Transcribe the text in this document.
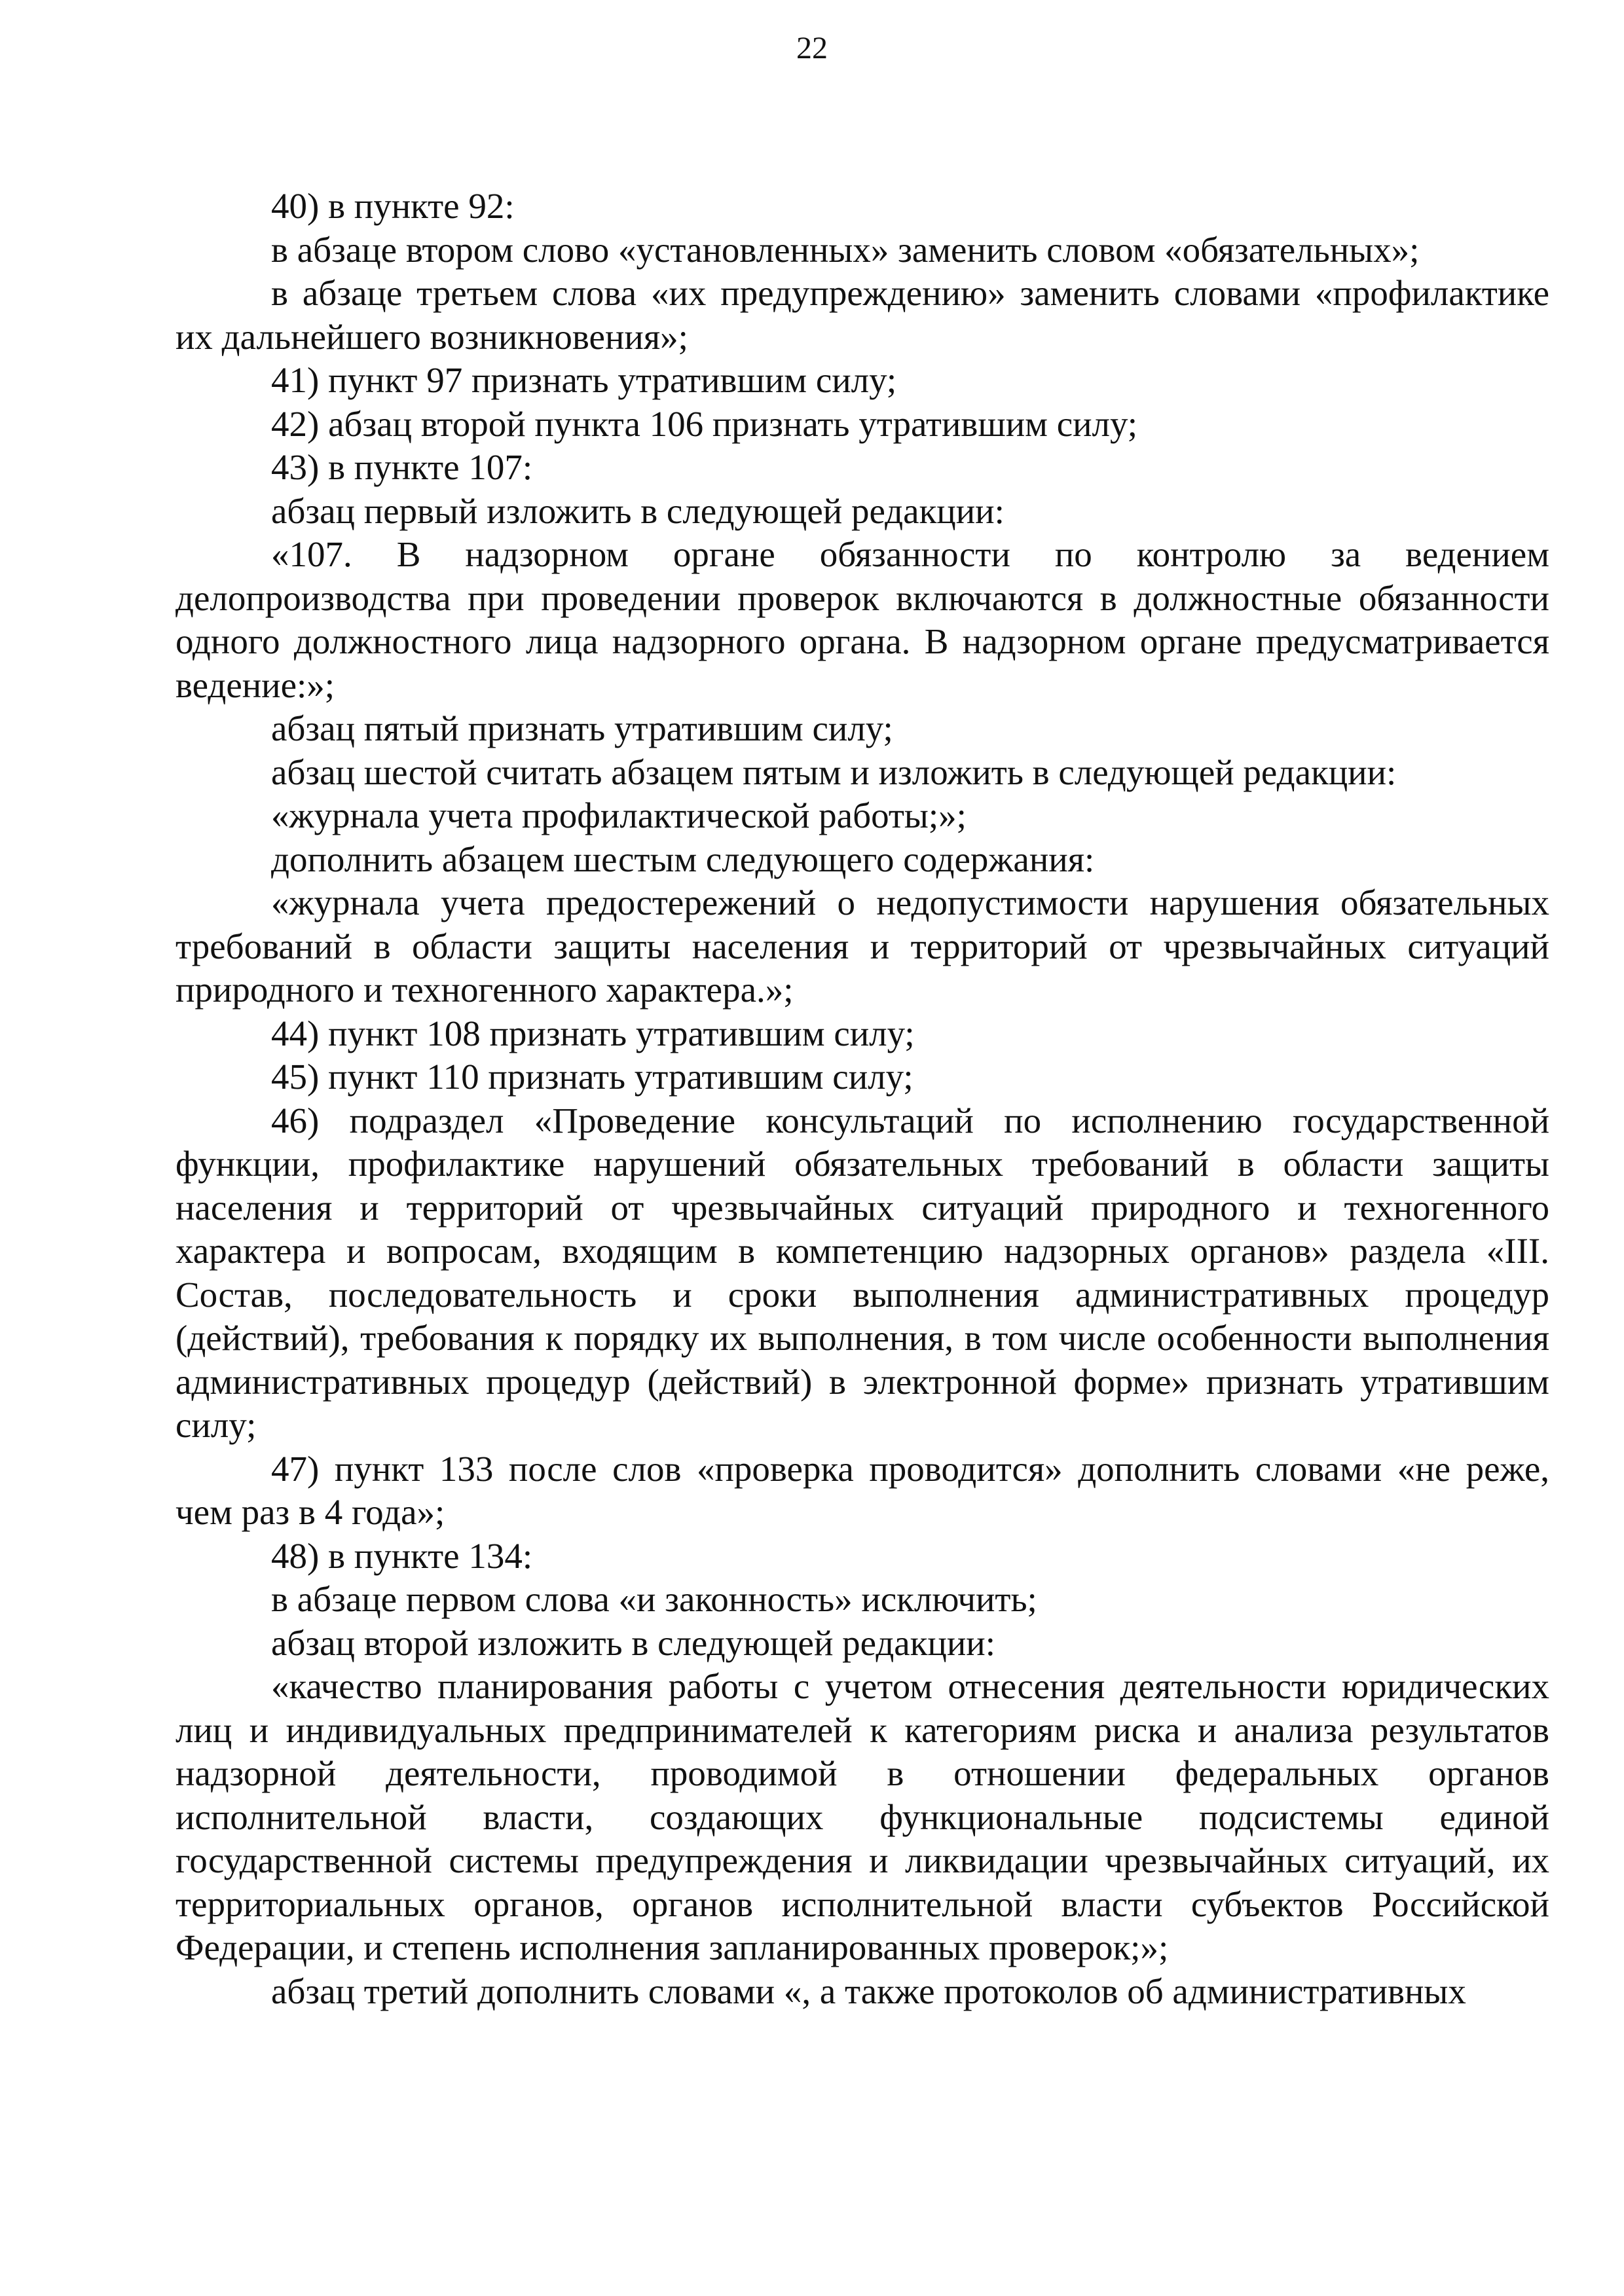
22

40) в пункте 92:

в абзаце втором слово «установленных» заменить словом «обязательных»;

в абзаце третьем слова «их предупреждению» заменить словами «профилактике их дальнейшего возникновения»;

41) пункт 97 признать утратившим силу;

42) абзац второй пункта 106 признать утратившим силу;

43) в пункте 107:

абзац первый изложить в следующей редакции:

«107. В надзорном органе обязанности по контролю за ведением делопроизводства при проведении проверок включаются в должностные обязанности одного должностного лица надзорного органа. В надзорном органе предусматривается ведение:»;

абзац пятый признать утратившим силу;

абзац шестой считать абзацем пятым и изложить в следующей редакции:

«журнала учета профилактической работы;»;

дополнить абзацем шестым следующего содержания:

«журнала учета предостережений о недопустимости нарушения обязательных требований в области защиты населения и территорий от чрезвычайных ситуаций природного и техногенного характера.»;

44) пункт 108 признать утратившим силу;

45) пункт 110 признать утратившим силу;

46) подраздел «Проведение консультаций по исполнению государственной функции, профилактике нарушений обязательных требований в области защиты населения и территорий от чрезвычайных ситуаций природного и техногенного характера и вопросам, входящим в компетенцию надзорных органов» раздела «III. Состав, последовательность и сроки выполнения административных процедур (действий), требования к порядку их выполнения, в том числе особенности выполнения административных процедур (действий) в электронной форме» признать утратившим силу;

47) пункт 133 после слов «проверка проводится» дополнить словами «не реже, чем раз в 4 года»;

48) в пункте 134:

в абзаце первом слова «и законность» исключить;

абзац второй изложить в следующей редакции:

«качество планирования работы с учетом отнесения деятельности юридических лиц и индивидуальных предпринимателей к категориям риска и анализа результатов надзорной деятельности, проводимой в отношении федеральных органов исполнительной власти, создающих функциональные подсистемы единой государственной системы предупреждения и ликвидации чрезвычайных ситуаций, их территориальных органов, органов исполнительной власти субъектов Российской Федерации, и степень исполнения запланированных проверок;»;

абзац третий дополнить словами «, а также протоколов об административных
